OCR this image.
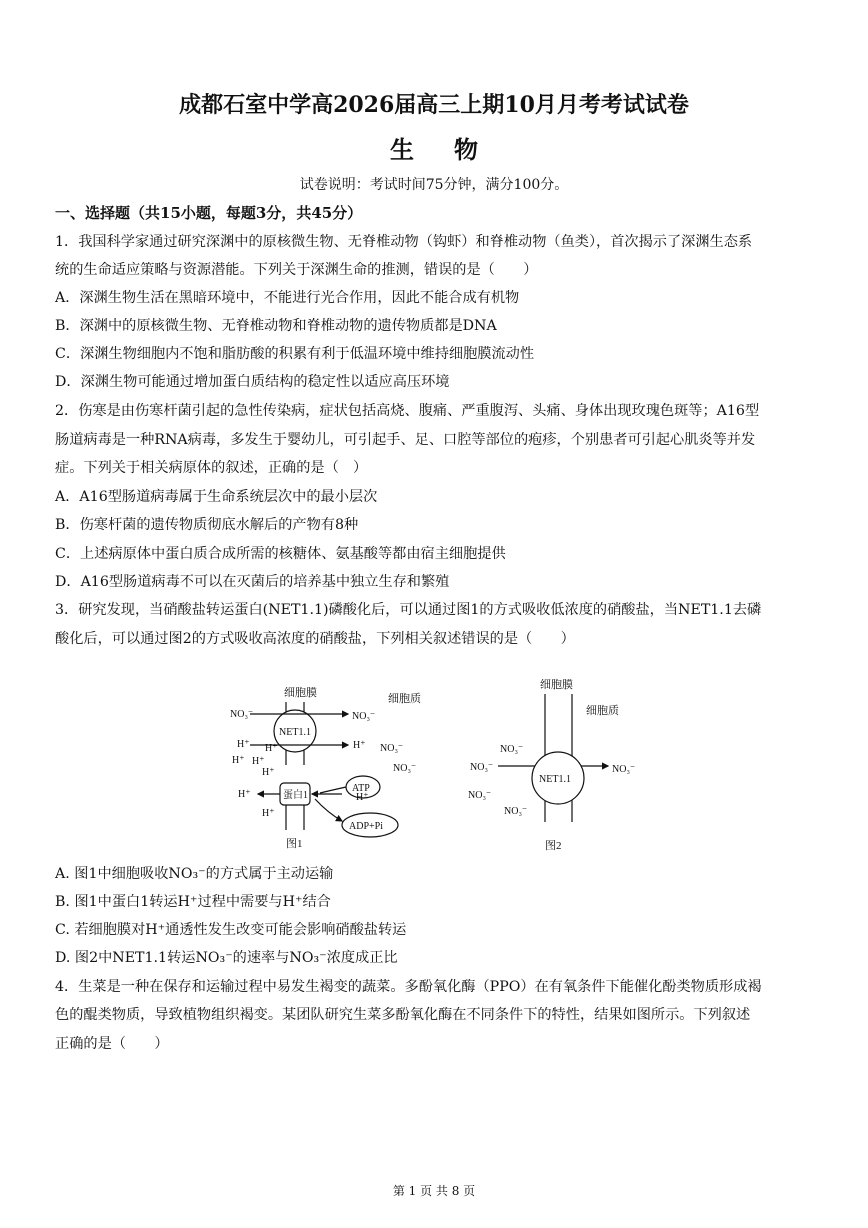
成都石室中学高2026届高三上期10月月考考试试卷
生物
试卷说明：考试时间75分钟，满分100分。
一、选择题（共15小题，每题3分，共45分）
1．我国科学家通过研究深渊中的原核微生物、无脊椎动物（钩虾）和脊椎动物（鱼类），首次揭示了深渊生态系
统的生命适应策略与资源潜能。下列关于深渊生命的推测，错误的是（　　）
A．深渊生物生活在黑暗环境中，不能进行光合作用，因此不能合成有机物
B．深渊中的原核微生物、无脊椎动物和脊椎动物的遗传物质都是DNA
C．深渊生物细胞内不饱和脂肪酸的积累有利于低温环境中维持细胞膜流动性
D．深渊生物可能通过增加蛋白质结构的稳定性以适应高压环境
2．伤寒是由伤寒杆菌引起的急性传染病，症状包括高烧、腹痛、严重腹泻、头痛、身体出现玫瑰色斑等；A16型
肠道病毒是一种RNA病毒，多发生于婴幼儿，可引起手、足、口腔等部位的疱疹，个别患者可引起心肌炎等并发
症。下列关于相关病原体的叙述，正确的是（　）
A．A16型肠道病毒属于生命系统层次中的最小层次
B．伤寒杆菌的遗传物质彻底水解后的产物有8种
C．上述病原体中蛋白质合成所需的核糖体、氨基酸等都由宿主细胞提供
D．A16型肠道病毒不可以在灭菌后的培养基中独立生存和繁殖
3．研究发现，当硝酸盐转运蛋白(NET1.1)磷酸化后，可以通过图1的方式吸收低浓度的硝酸盐，当NET1.1去磷
酸化后，可以通过图2的方式吸收高浓度的硝酸盐，下列相关叙述错误的是（　　）
细胞膜	细胞质
NET1.1
蛋白1
ATP
ADP+Pi
NO₃⁻	NO₃⁻
NO₃⁻
NO₃⁻
H⁺ H⁺
H⁺ H⁺
H⁺
H⁺
H⁺
H⁺
H⁺
图1
细胞膜
细胞质
NET1.1
NO₃⁻
NO₃⁻
NO₃⁻
NO₃⁻
NO₃⁻
图2
A. 图1中细胞吸收NO₃⁻的方式属于主动运输
B. 图1中蛋白1转运H⁺过程中需要与H⁺结合
C. 若细胞膜对H⁺通透性发生改变可能会影响硝酸盐转运
D. 图2中NET1.1转运NO₃⁻的速率与NO₃⁻浓度成正比
4．生菜是一种在保存和运输过程中易发生褐变的蔬菜。多酚氧化酶（PPO）在有氧条件下能催化酚类物质形成褐
色的醌类物质，导致植物组织褐变。某团队研究生菜多酚氧化酶在不同条件下的特性，结果如图所示。下列叙述
正确的是（　　）
第 1 页 共 8 页
